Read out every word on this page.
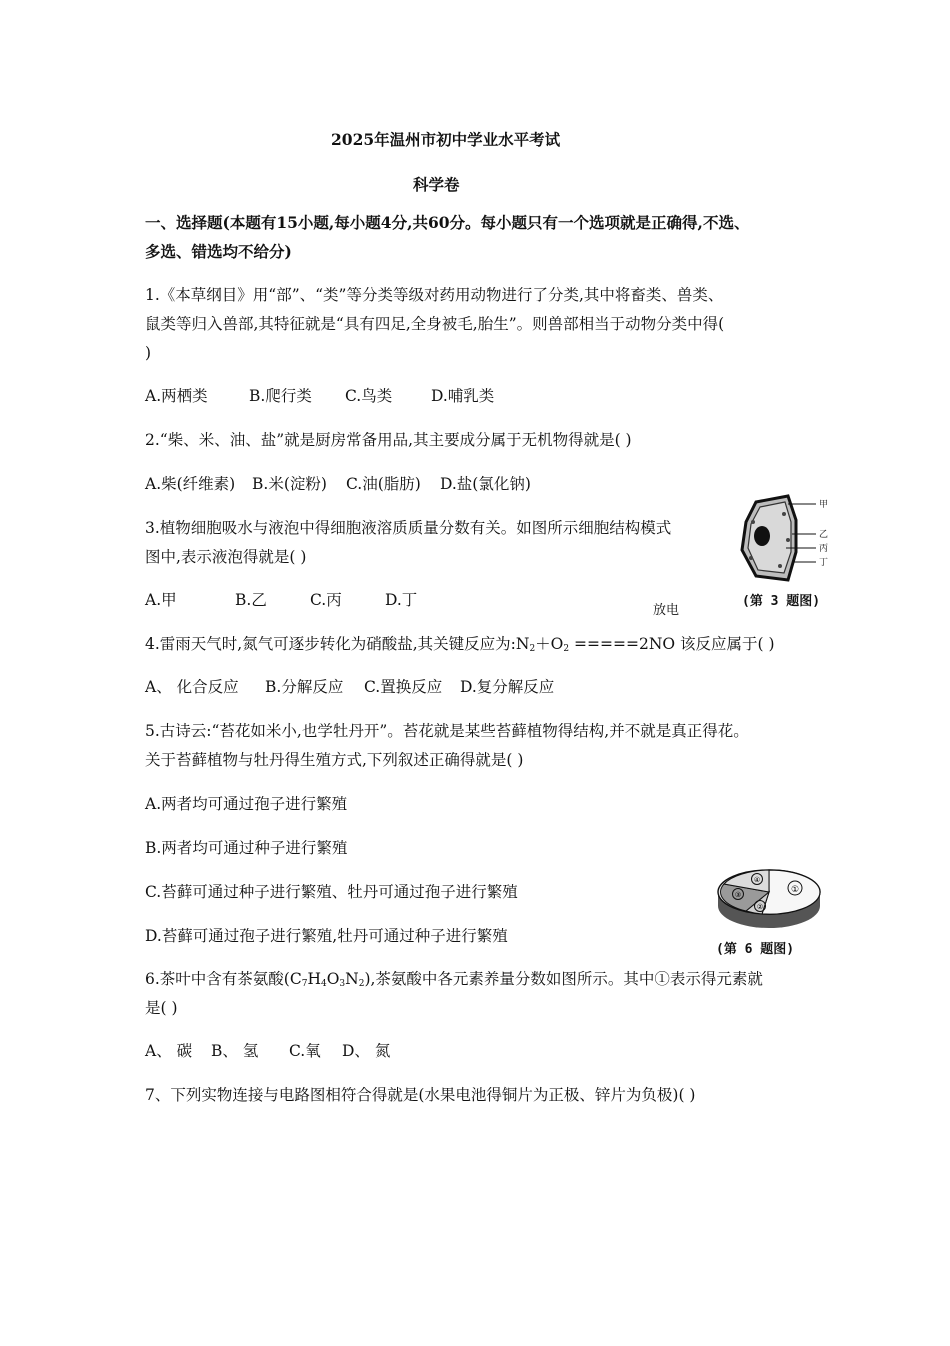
2025年温州市初中学业水平考试
科学卷
一、选择题(本题有15小题,每小题4分,共60分。每小题只有一个选项就是正确得,不选、
多选、错选均不给分)
1.《本草纲目》用“部”、“类”等分类等级对药用动物进行了分类,其中将畜类、兽类、
鼠类等归入兽部,其特征就是“具有四足,全身被毛,胎生”。则兽部相当于动物分类中得(
)
A.两栖类	B.爬行类 C.鸟类	D.哺乳类
2.“柴、米、油、盐”就是厨房常备用品,其主要成分属于无机物得就是( )
A.柴(纤维素) B.米(淀粉) C.油(脂肪) D.盐(氯化钠)
3.植物细胞吸水与液泡中得细胞液溶质质量分数有关。如图所示细胞结构模式
图中,表示液泡得就是( )
A.甲	B.乙	C.丙	D.丁
甲
乙
丙
丁
(第 3 题图)
放电
4.雷雨天气时,氮气可逐步转化为硝酸盐,其关键反应为$:N_2+O_2 =====2NO$ 该反应属于( )
A、 化合反应 B.分解反应 C.置换反应 D.复分解反应
5.古诗云:“苔花如米小,也学牡丹开”。苔花就是某些苔藓植物得结构,并不就是真正得花。
关于苔藓植物与牡丹得生殖方式,下列叙述正确得就是( )
A.两者均可通过孢子进行繁殖
B.两者均可通过种子进行繁殖
C.苔藓可通过种子进行繁殖、牡丹可通过孢子进行繁殖
D.苔藓可通过孢子进行繁殖,牡丹可通过种子进行繁殖
①
②
③
④
(第 6 题图)
6.茶叶中含有茶氨酸$(C_7H_4O_3N_2)$,茶氨酸中各元素养量分数如图所示。其中①表示得元素就
是( )
A、 碳 B、 氢 C.氧 D、 氮
7、下列实物连接与电路图相符合得就是(水果电池得铜片为正极、锌片为负极)( )
